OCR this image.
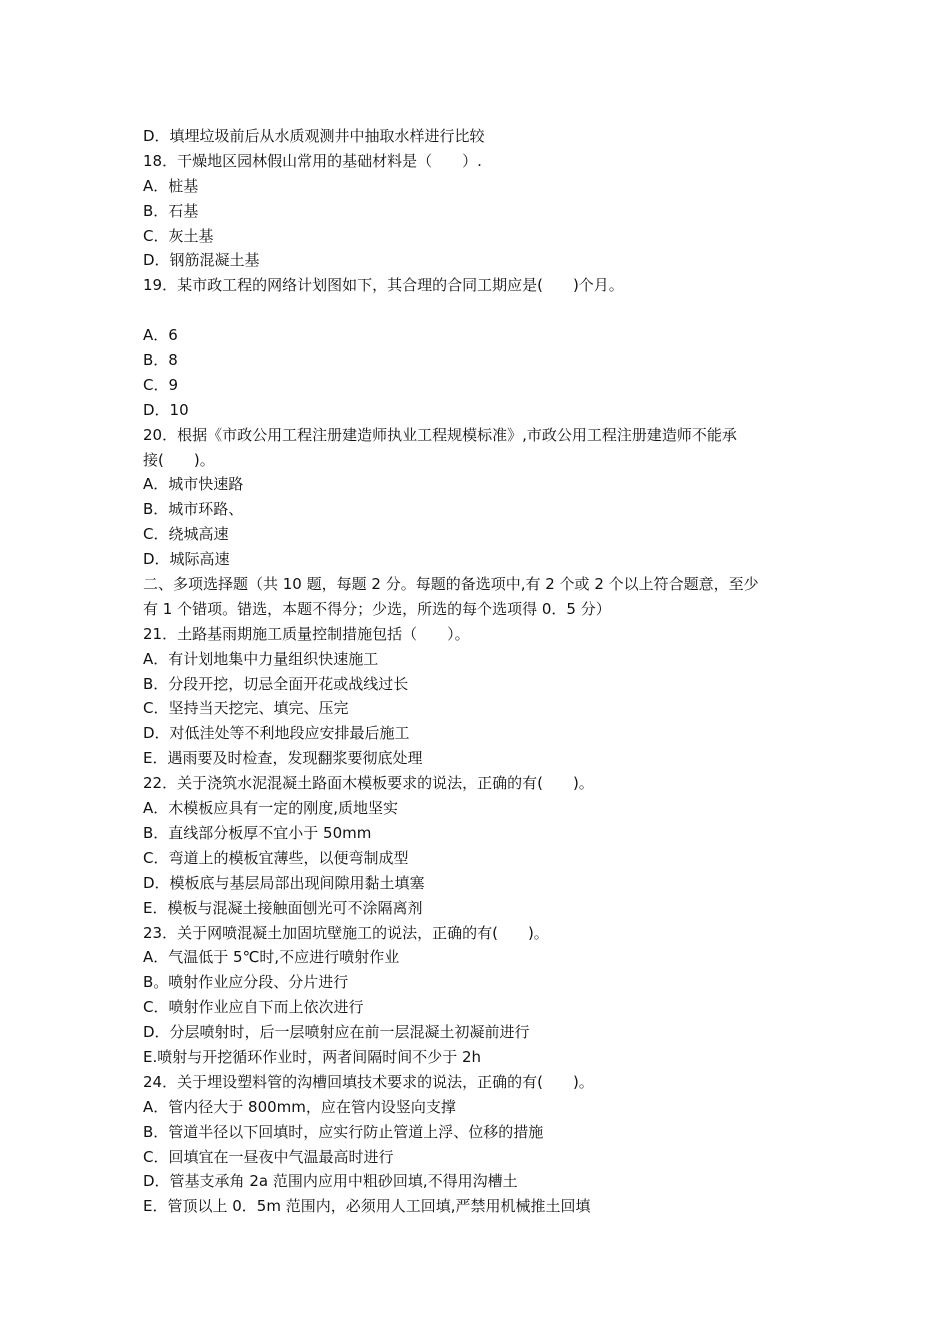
D．填埋垃圾前后从水质观测井中抽取水样进行比较
18．干燥地区园林假山常用的基础材料是（　　）.
A．桩基
B．石基
C．灰土基
D．钢筋混凝土基
19．某市政工程的网络计划图如下，其合理的合同工期应是(　　)个月。
A．6
B．8
C．9
D．10
20．根据《市政公用工程注册建造师执业工程规模标准》,市政公用工程注册建造师不能承
接(　　)。
A．城市快速路
B．城市环路、
C．绕城高速
D．城际高速
二、多项选择题（共 10 题，每题 2 分。每题的备选项中,有 2 个或 2 个以上符合题意，至少
有 1 个错项。错选，本题不得分；少选，所选的每个选项得 0．5 分）
21．土路基雨期施工质量控制措施包括（　　）。
A．有计划地集中力量组织快速施工
B．分段开挖，切忌全面开花或战线过长
C．坚持当天挖完、填完、压完
D．对低洼处等不利地段应安排最后施工
E．遇雨要及时检查，发现翻浆要彻底处理
22．关于浇筑水泥混凝土路面木模板要求的说法，正确的有(　　)。
A．木模板应具有一定的刚度,质地坚实
B．直线部分板厚不宜小于 50mm
C．弯道上的模板宜薄些，以便弯制成型
D．模板底与基层局部出现间隙用黏土填塞
E．模板与混凝土接触面刨光可不涂隔离剂
23．关于网喷混凝土加固坑壁施工的说法，正确的有(　　)。
A．气温低于 5℃时,不应进行喷射作业
B。喷射作业应分段、分片进行
C．喷射作业应自下而上依次进行
D．分层喷射时，后一层喷射应在前一层混凝土初凝前进行
E.喷射与开挖循环作业时，两者间隔时间不少于 2h
24．关于埋设塑料管的沟槽回填技术要求的说法，正确的有(　　)。
A．管内径大于 800mm，应在管内设竖向支撑
B．管道半径以下回填时，应实行防止管道上浮、位移的措施
C．回填宜在一昼夜中气温最高时进行
D．管基支承角 2a 范围内应用中粗砂回填,不得用沟槽土
E．管顶以上 0．5m 范围内，必须用人工回填,严禁用机械推土回填
